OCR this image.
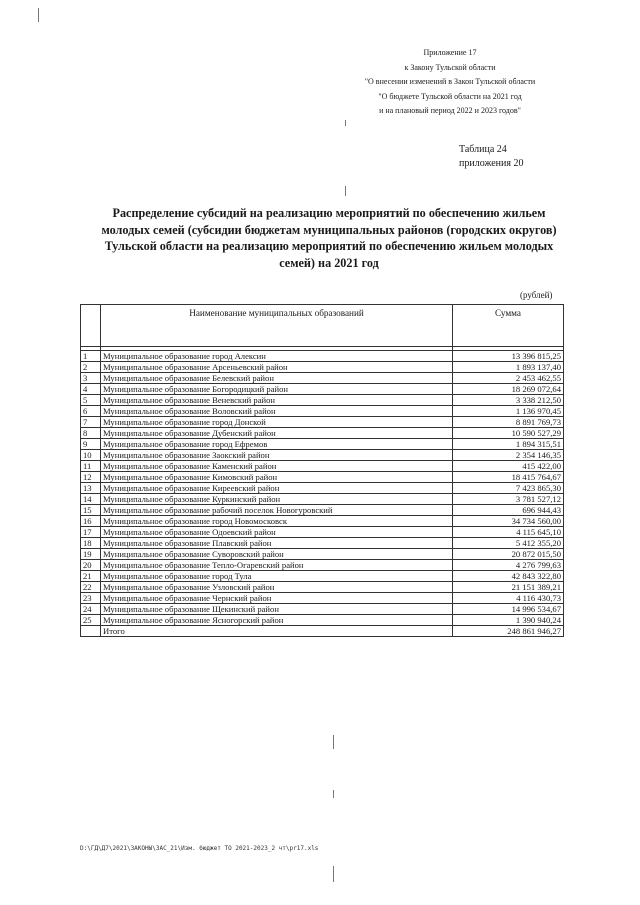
Приложение 17
к Закону Тульской области
"О внесении изменений в Закон Тульской области
"О бюджете Тульской области на 2021 год
и на плановый период 2022 и 2023 годов"
Таблица 24
приложения 20
Распределение субсидий на реализацию мероприятий по обеспечению жильем молодых семей (субсидии бюджетам муниципальных районов (городских округов) Тульской области на реализацию мероприятий по обеспечению жильем молодых семей) на 2021 год
(рублей)
	Наименование муниципальных образований	Сумма

1	Муниципальное образование город Алексин	13 396 815,25
2	Муниципальное образование Арсеньевский район	1 893 137,40
3	Муниципальное образование Белевский район	2 453 462,55
4	Муниципальное образование Богородицкий район	18 269 072,64
5	Муниципальное образование Веневский район	3 338 212,50
6	Муниципальное образование Воловский район	1 136 970,45
7	Муниципальное образование город Донской	8 891 769,73
8	Муниципальное образование Дубенский район	10 590 527,29
9	Муниципальное образование город Ефремов	1 894 315,51
10	Муниципальное образование Заокский район	2 354 146,35
11	Муниципальное образование Каменский район	415 422,00
12	Муниципальное образование Кимовский район	18 415 764,67
13	Муниципальное образование Киреевский район	7 423 865,30
14	Муниципальное образование Куркинский район	3 781 527,12
15	Муниципальное образование рабочий поселок Новогуровский	696 944,43
16	Муниципальное образование город Новомосковск	34 734 560,00
17	Муниципальное образование Одоевский район	4 115 645,10
18	Муниципальное образование Плавский район	5 412 355,20
19	Муниципальное образование Суворовский район	20 872 015,50
20	Муниципальное образование Тепло-Огаревский район	4 276 799,63
21	Муниципальное образование город Тула	42 843 322,80
22	Муниципальное образование Узловский район	21 151 389,21
23	Муниципальное образование Чернский район	4 116 430,73
24	Муниципальное образование Щекинский район	14 996 534,67
25	Муниципальное образование Ясногорский район	1 390 940,24
	Итого	248 861 946,27
D:\ГД\Д7\2021\ЗАКОНЫ\ЗАС_21\Изм. бюджет ТО 2021-2023_2 чт\pr17.xls
